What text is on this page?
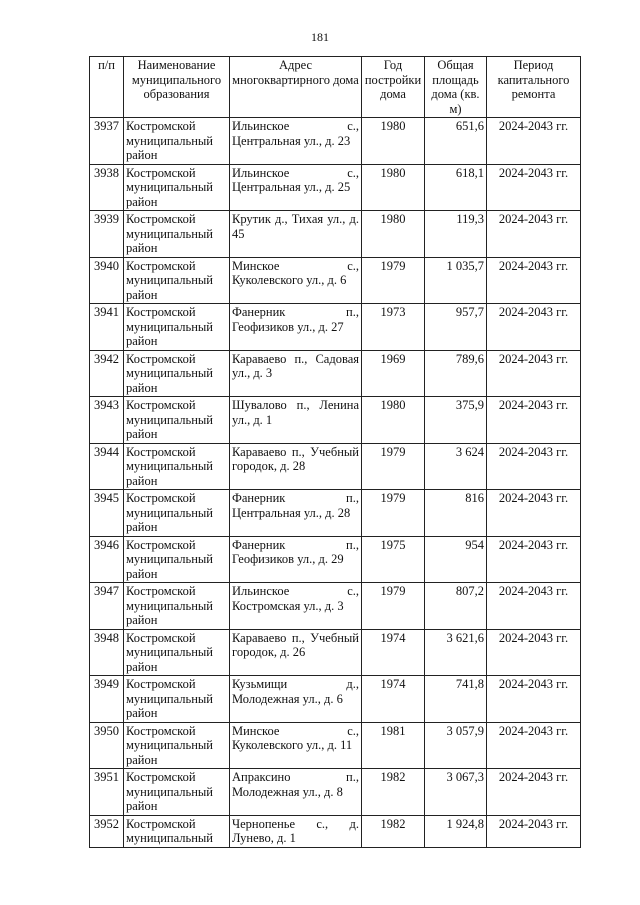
181
п/п	Наименование муниципального образования	Адрес многоквартирного дома	Год постройки дома	Общая площадь дома (кв. м)	Период капитального ремонта
3937	Костромской муниципальный район	Ильинское с., Центральная ул., д. 23	1980	651,6	2024-2043 гг.
3938	Костромской муниципальный район	Ильинское с., Центральная ул., д. 25	1980	618,1	2024-2043 гг.
3939	Костромской муниципальный район	Крутик д., Тихая ул., д. 45	1980	119,3	2024-2043 гг.
3940	Костромской муниципальный район	Минское с., Куколевского ул., д. 6	1979	1 035,7	2024-2043 гг.
3941	Костромской муниципальный район	Фанерник п., Геофизиков ул., д. 27	1973	957,7	2024-2043 гг.
3942	Костромской муниципальный район	Караваево п., Садовая ул., д. 3	1969	789,6	2024-2043 гг.
3943	Костромской муниципальный район	Шувалово п., Ленина ул., д. 1	1980	375,9	2024-2043 гг.
3944	Костромской муниципальный район	Караваево п., Учебный городок, д. 28	1979	3 624	2024-2043 гг.
3945	Костромской муниципальный район	Фанерник п., Центральная ул., д. 28	1979	816	2024-2043 гг.
3946	Костромской муниципальный район	Фанерник п., Геофизиков ул., д. 29	1975	954	2024-2043 гг.
3947	Костромской муниципальный район	Ильинское с., Костромская ул., д. 3	1979	807,2	2024-2043 гг.
3948	Костромской муниципальный район	Караваево п., Учебный городок, д. 26	1974	3 621,6	2024-2043 гг.
3949	Костромской муниципальный район	Кузьмищи д., Молодежная ул., д. 6	1974	741,8	2024-2043 гг.
3950	Костромской муниципальный район	Минское с., Куколевского ул., д. 11	1981	3 057,9	2024-2043 гг.
3951	Костромской муниципальный район	Апраксино п., Молодежная ул., д. 8	1982	3 067,3	2024-2043 гг.
3952	Костромской муниципальный	Чернопенье с., д. Лунево, д. 1	1982	1 924,8	2024-2043 гг.
